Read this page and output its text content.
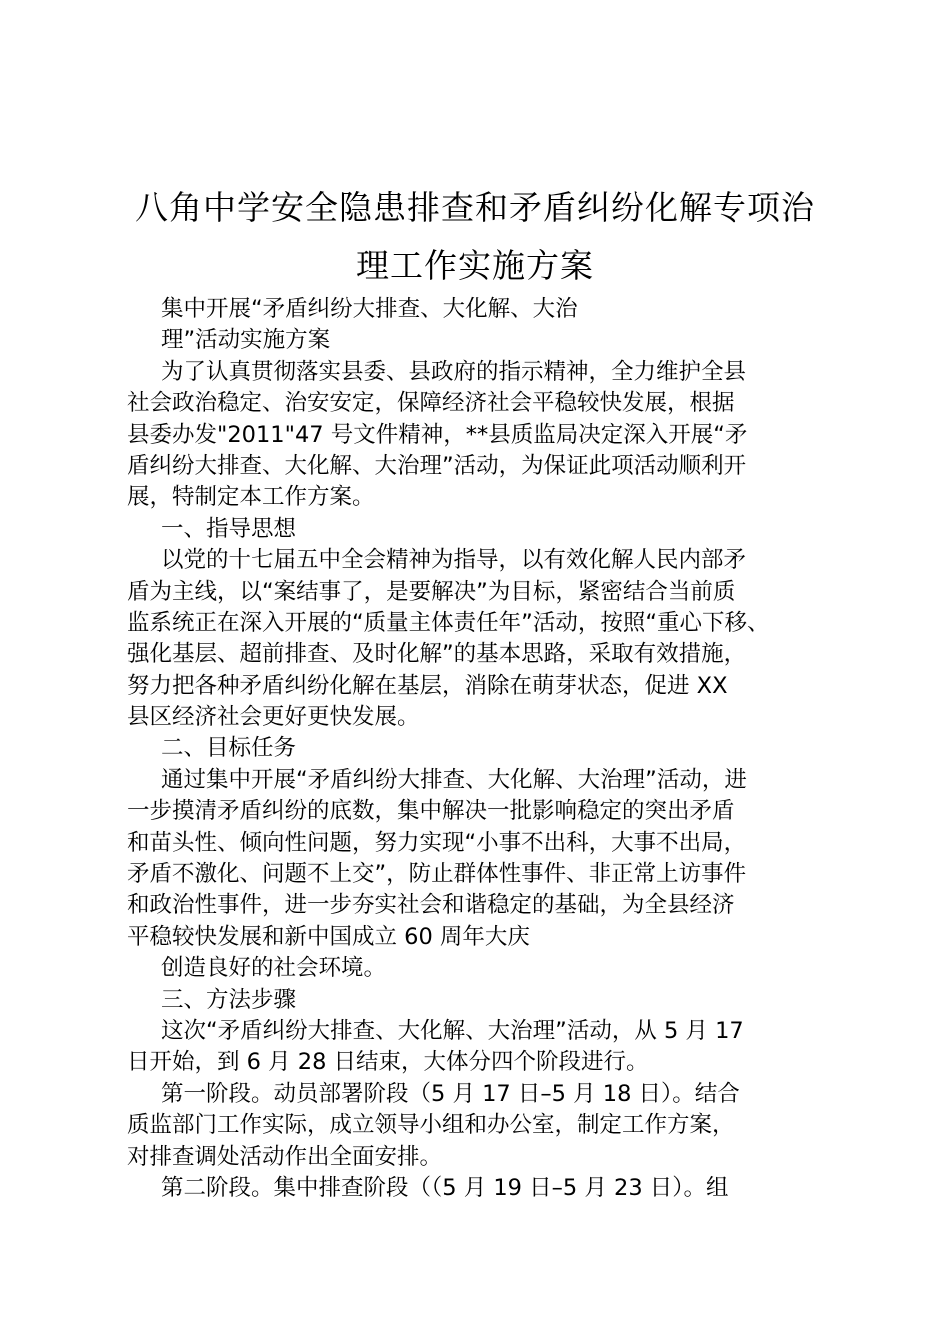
八角中学安全隐患排查和矛盾纠纷化解专项治
理工作实施方案
集中开展“矛盾纠纷大排查、大化解、大治
理”活动实施方案
为了认真贯彻落实县委、县政府的指示精神，全力维护全县
社会政治稳定、治安安定，保障经济社会平稳较快发展，根据
县委办发"2011"47 号文件精神，**县质监局决定深入开展“矛
盾纠纷大排查、大化解、大治理”活动，为保证此项活动顺利开
展，特制定本工作方案。
一、指导思想
以党的十七届五中全会精神为指导，以有效化解人民内部矛
盾为主线，以“案结事了，是要解决”为目标，紧密结合当前质
监系统正在深入开展的“质量主体责任年”活动，按照“重心下移、
强化基层、超前排查、及时化解”的基本思路，采取有效措施，
努力把各种矛盾纠纷化解在基层，消除在萌芽状态，促进 XX
县区经济社会更好更快发展。
二、目标任务
通过集中开展“矛盾纠纷大排查、大化解、大治理”活动，进
一步摸清矛盾纠纷的底数，集中解决一批影响稳定的突出矛盾
和苗头性、倾向性问题，努力实现“小事不出科，大事不出局，
矛盾不激化、问题不上交”，防止群体性事件、非正常上访事件
和政治性事件，进一步夯实社会和谐稳定的基础，为全县经济
平稳较快发展和新中国成立 60 周年大庆
创造良好的社会环境。
三、方法步骤
这次“矛盾纠纷大排查、大化解、大治理”活动，从 5 月 17
日开始，到 6 月 28 日结束，大体分四个阶段进行。
第一阶段。动员部署阶段（5 月 17 日–5 月 18 日）。结合
质监部门工作实际，成立领导小组和办公室，制定工作方案，
对排查调处活动作出全面安排。
第二阶段。集中排查阶段（（5 月 19 日–5 月 23 日）。组
